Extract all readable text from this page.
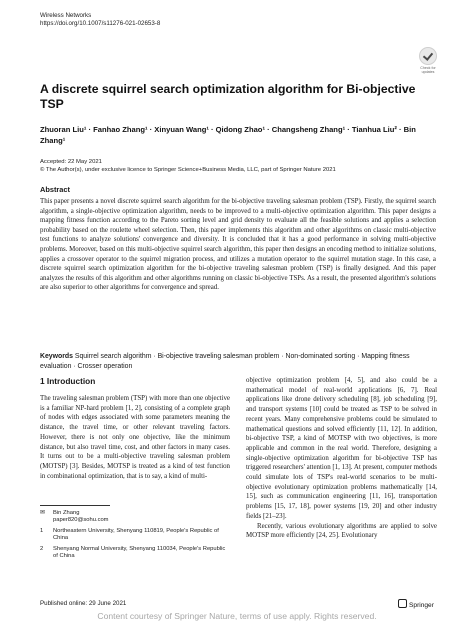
Wireless Networks
https://doi.org/10.1007/s11276-021-02653-8
Check for updates
A discrete squirrel search optimization algorithm for Bi-objective TSP
Zhuoran Liu¹ · Fanhao Zhang¹ · Xinyuan Wang¹ · Qidong Zhao¹ · Changsheng Zhang¹ · Tianhua Liu² · Bin Zhang¹
Accepted: 22 May 2021
© The Author(s), under exclusive licence to Springer Science+Business Media, LLC, part of Springer Nature 2021
Abstract
This paper presents a novel discrete squirrel search algorithm for the bi-objective traveling salesman problem (TSP). Firstly, the squirrel search algorithm, a single-objective optimization algorithm, needs to be improved to a multi-objective optimization algorithm. This paper designs a mapping fitness function according to the Pareto sorting level and grid density to evaluate all the feasible solutions and applies a selection probability based on the roulette wheel selection. Then, this paper implements this algorithm and other algorithms on classic multi-objective test functions to analyze solutions' convergence and diversity. It is concluded that it has a good performance in solving multi-objective problems. Moreover, based on this multi-objective squirrel search algorithm, this paper then designs an encoding method to initialize solutions, applies a crossover operator to the squirrel migration process, and utilizes a mutation operator to the squirrel mutation stage. In this case, a discrete squirrel search optimization algorithm for the bi-objective traveling salesman problem (TSP) is finally designed. And this paper analyzes the results of this algorithm and other algorithms running on classic bi-objective TSPs. As a result, the presented algorithm's solutions are also superior to other algorithms for convergence and spread.
Keywords Squirrel search algorithm · Bi-objective traveling salesman problem · Non-dominated sorting · Mapping fitness evaluation · Crosser operation
1 Introduction

The traveling salesman problem (TSP) with more than one objective is a familiar NP-hard problem [1, 2], consisting of a complete graph of nodes with edges associated with some parameters meaning the distance, the travel time, or other relevant traveling factors. However, there is not only one objective, like the minimum distance, but also travel time, cost, and other factors in many cases. It turns out to be a multi-objective traveling salesman problem (MOTSP) [3]. Besides, MOTSP is treated as a kind of test function in combinational optimization, that is to say, a kind of multi-

objective optimization problem [4, 5], and also could be a mathematical model of real-world applications [6, 7]. Real applications like drone delivery scheduling [8], job scheduling [9], and transport systems [10] could be treated as TSP to be solved in recent years. Many comprehensive problems could be simulated to mathematical questions and solved efficiently [11, 12]. In addition, bi-objective TSP, a kind of MOTSP with two objectives, is more applicable and common in the real world. Therefore, designing a single-objective optimization algorithm for bi-objective TSP has triggered researchers' attention [1, 13]. At present, computer methods could simulate lots of TSP's real-world scenarios to be multi-objective evolutionary optimization problems mathematically [14, 15], such as communication engineering [11, 16], transportation problems [15, 17, 18], power systems [19, 20] and other industry fields [21–23].

Recently, various evolutionary algorithms are applied to solve MOTSP more efficiently [24, 25]. Evolutionary

✉	Bin Zhang
paper820@sohu.com
1	Northeastern University, Shenyang 110819, People's Republic of China
2	Shenyang Normal University, Shenyang 110034, People's Republic of China
Published online: 29 June 2021	Springer
Content courtesy of Springer Nature, terms of use apply. Rights reserved.
